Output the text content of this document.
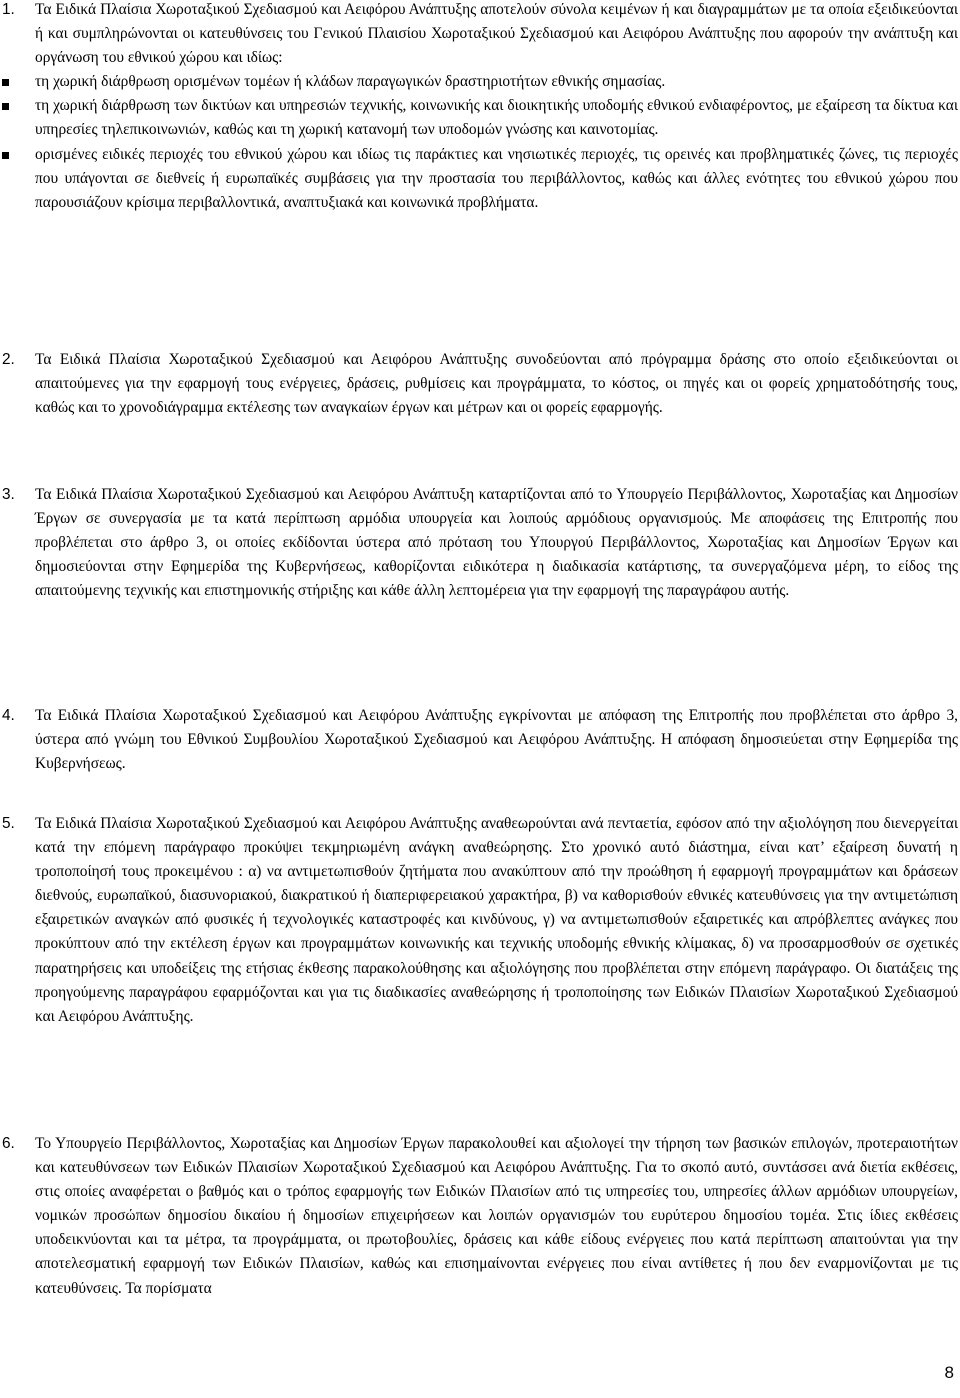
1.	Τα Ειδικά Πλαίσια Χωροταξικού Σχεδιασμού και Αειφόρου Ανάπτυξης αποτελούν σύνολα κειμένων ή και διαγραμμάτων με τα οποία εξειδικεύονται ή και συμπληρώνονται οι κατευθύνσεις του Γενικού Πλαισίου Χωροταξικού Σχεδιασμού και Αειφόρου Ανάπτυξης που αφορούν την ανάπτυξη και οργάνωση του εθνικού χώρου και ιδίως:
τη χωρική διάρθρωση ορισμένων τομέων ή κλάδων παραγωγικών δραστηριοτήτων εθνικής σημασίας.
τη χωρική διάρθρωση των δικτύων και υπηρεσιών τεχνικής, κοινωνικής και διοικητικής υποδομής εθνικού ενδιαφέροντος, με εξαίρεση τα δίκτυα και υπηρεσίες τηλεπικοινωνιών, καθώς και τη χωρική κατανομή των υποδομών γνώσης και καινοτομίας.
ορισμένες ειδικές περιοχές του εθνικού χώρου και ιδίως τις παράκτιες και νησιωτικές περιοχές, τις ορεινές και προβληματικές ζώνες, τις περιοχές που υπάγονται σε διεθνείς ή ευρωπαϊκές συμβάσεις για την προστασία του περιβάλλοντος, καθώς και άλλες ενότητες του εθνικού χώρου που παρουσιάζουν κρίσιμα περιβαλλοντικά, αναπτυξιακά και κοινωνικά προβλήματα.
2.	Τα Ειδικά Πλαίσια Χωροταξικού Σχεδιασμού και Αειφόρου Ανάπτυξης συνοδεύονται από πρόγραμμα δράσης στο οποίο εξειδικεύονται οι απαιτούμενες για την εφαρμογή τους ενέργειες, δράσεις, ρυθμίσεις και προγράμματα, το κόστος, οι πηγές και οι φορείς χρηματοδότησής τους, καθώς και το χρονοδιάγραμμα εκτέλεσης των αναγκαίων έργων και μέτρων και οι φορείς εφαρμογής.
3.	Τα Ειδικά Πλαίσια Χωροταξικού Σχεδιασμού και Αειφόρου Ανάπτυξη καταρτίζονται από το Υπουργείο Περιβάλλοντος, Χωροταξίας και Δημοσίων Έργων σε συνεργασία με τα κατά περίπτωση αρμόδια υπουργεία και λοιπούς αρμόδιους οργανισμούς. Με αποφάσεις της Επιτροπής που προβλέπεται στο άρθρο 3, οι οποίες εκδίδονται ύστερα από πρόταση του Υπουργού Περιβάλλοντος, Χωροταξίας και Δημοσίων Έργων και δημοσιεύονται στην Εφημερίδα της Κυβερνήσεως, καθορίζονται ειδικότερα η διαδικασία κατάρτισης, τα συνεργαζόμενα μέρη, το είδος της απαιτούμενης τεχνικής και επιστημονικής στήριξης και κάθε άλλη λεπτομέρεια για την εφαρμογή της παραγράφου αυτής.
4.	Τα Ειδικά Πλαίσια Χωροταξικού Σχεδιασμού και Αειφόρου Ανάπτυξης εγκρίνονται με απόφαση της Επιτροπής που προβλέπεται στο άρθρο 3, ύστερα από γνώμη του Εθνικού Συμβουλίου Χωροταξικού Σχεδιασμού και Αειφόρου Ανάπτυξης. Η απόφαση δημοσιεύεται στην Εφημερίδα της Κυβερνήσεως.
5.	Τα Ειδικά Πλαίσια Χωροταξικού Σχεδιασμού και Αειφόρου Ανάπτυξης αναθεωρούνται ανά πενταετία, εφόσον από την αξιολόγηση που διενεργείται κατά την επόμενη παράγραφο προκύψει τεκμηριωμένη ανάγκη αναθεώρησης. Στο χρονικό αυτό διάστημα, είναι κατ’ εξαίρεση δυνατή η τροποποίησή τους προκειμένου : α) να αντιμετωπισθούν ζητήματα που ανακύπτουν από την προώθηση ή εφαρμογή προγραμμάτων και δράσεων διεθνούς, ευρωπαϊκού, διασυνοριακού, διακρατικού ή διαπεριφερειακού χαρακτήρα, β) να καθορισθούν εθνικές κατευθύνσεις για την αντιμετώπιση εξαιρετικών αναγκών από φυσικές ή τεχνολογικές καταστροφές και κινδύνους, γ) να αντιμετωπισθούν εξαιρετικές και απρόβλεπτες ανάγκες που προκύπτουν από την εκτέλεση έργων και προγραμμάτων κοινωνικής και τεχνικής υποδομής εθνικής κλίμακας, δ) να προσαρμοσθούν σε σχετικές παρατηρήσεις και υποδείξεις της ετήσιας έκθεσης παρακολούθησης και αξιολόγησης που προβλέπεται στην επόμενη παράγραφο. Οι διατάξεις της προηγούμενης παραγράφου εφαρμόζονται και για τις διαδικασίες αναθεώρησης ή τροποποίησης των Ειδικών Πλαισίων Χωροταξικού Σχεδιασμού και Αειφόρου Ανάπτυξης.
6.	Το Υπουργείο Περιβάλλοντος, Χωροταξίας και Δημοσίων Έργων παρακολουθεί και αξιολογεί την τήρηση των βασικών επιλογών, προτεραιοτήτων και κατευθύνσεων των Ειδικών Πλαισίων Χωροταξικού Σχεδιασμού και Αειφόρου Ανάπτυξης. Για το σκοπό αυτό, συντάσσει ανά διετία εκθέσεις, στις οποίες αναφέρεται ο βαθμός και ο τρόπος εφαρμογής των Ειδικών Πλαισίων από τις υπηρεσίες του, υπηρεσίες άλλων αρμόδιων υπουργείων, νομικών προσώπων δημοσίου δικαίου ή δημοσίων επιχειρήσεων και λοιπών οργανισμών του ευρύτερου δημοσίου τομέα. Στις ίδιες εκθέσεις υποδεικνύονται και τα μέτρα, τα προγράμματα, οι πρωτοβουλίες, δράσεις και κάθε είδους ενέργειες που κατά περίπτωση απαιτούνται για την αποτελεσματική εφαρμογή των Ειδικών Πλαισίων, καθώς και επισημαίνονται ενέργειες που είναι αντίθετες ή που δεν εναρμονίζονται με τις κατευθύνσεις. Τα πορίσματα
8
